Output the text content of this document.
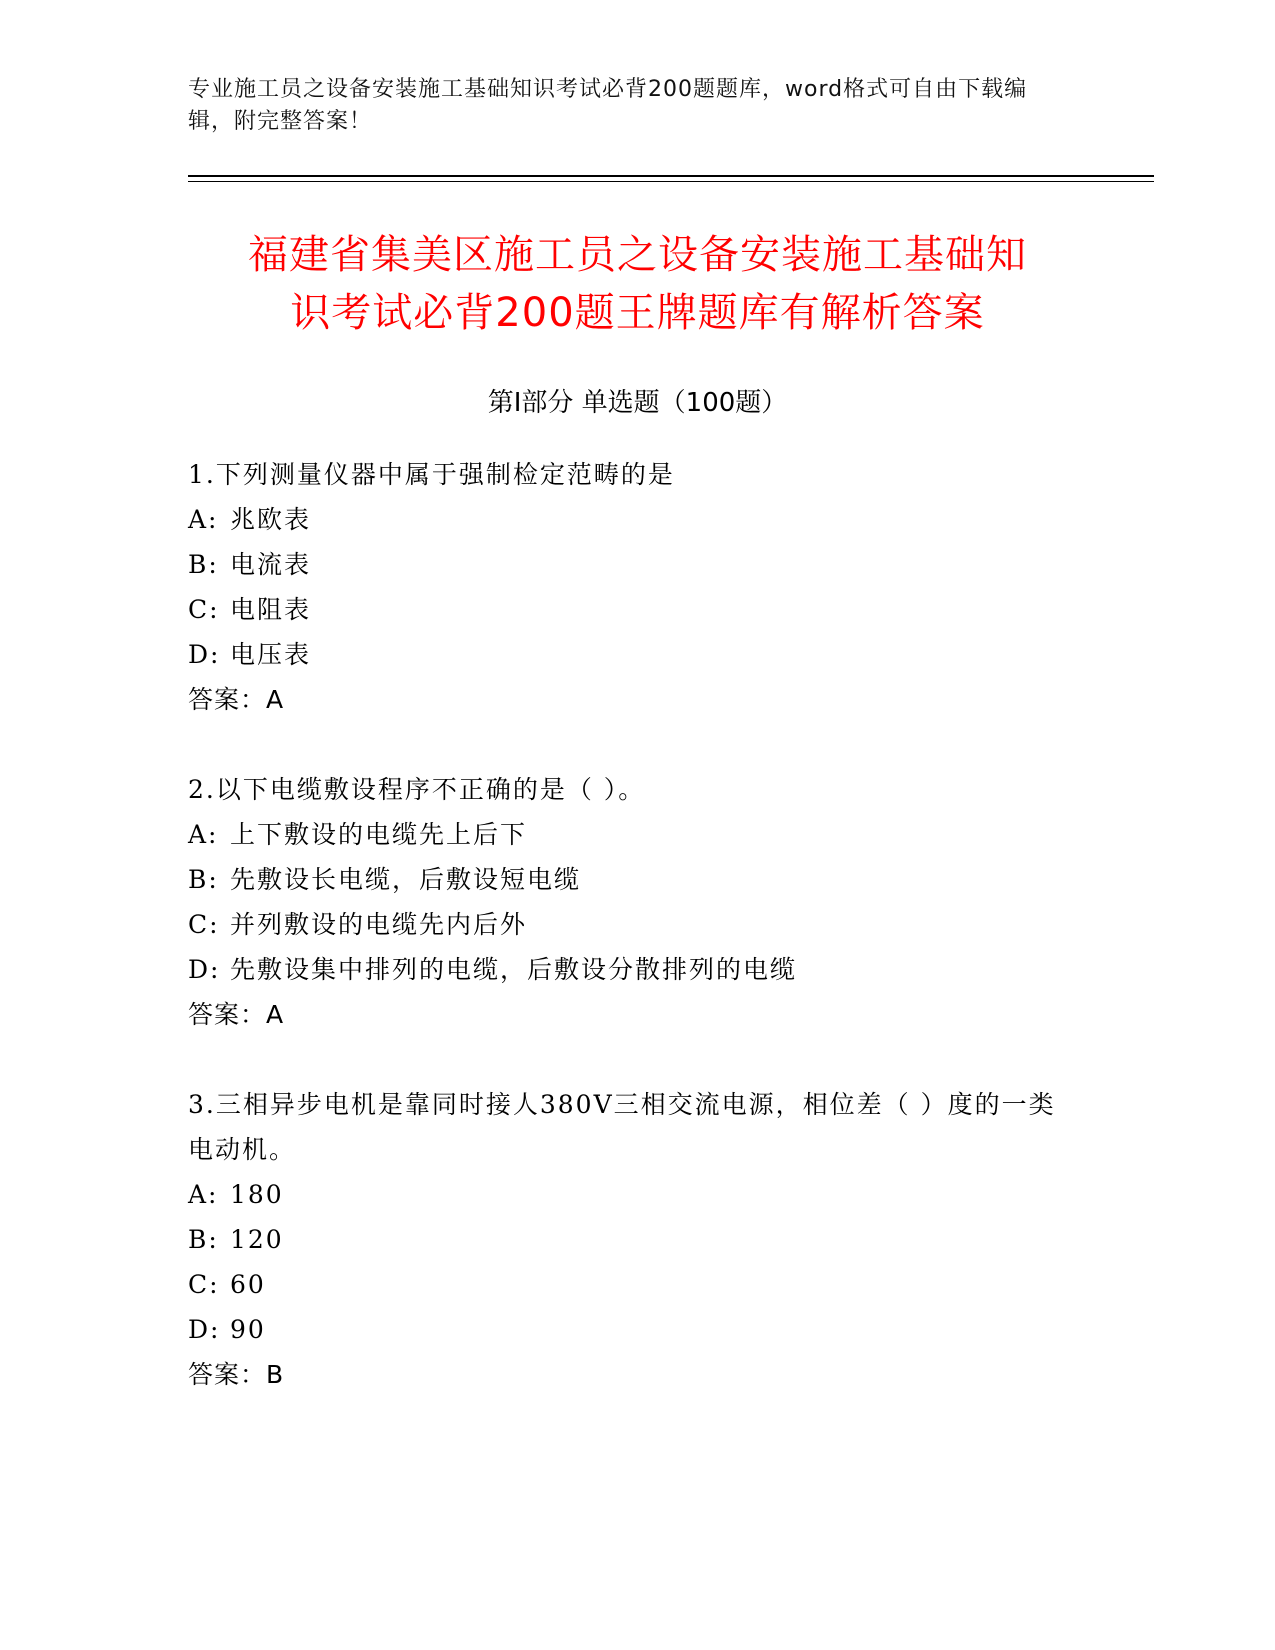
专业施工员之设备安装施工基础知识考试必背200题题库，word格式可自由下载编辑，附完整答案！
福建省集美区施工员之设备安装施工基础知
识考试必背200题王牌题库有解析答案
第Ⅰ部分 单选题（100题）
1.下列测量仪器中属于强制检定范畴的是
A: 兆欧表
B: 电流表
C: 电阻表
D: 电压表
答案：A
2.以下电缆敷设程序不正确的是（ ）。
A: 上下敷设的电缆先上后下
B: 先敷设长电缆，后敷设短电缆
C: 并列敷设的电缆先内后外
D: 先敷设集中排列的电缆，后敷设分散排列的电缆
答案：A
3.三相异步电机是靠同时接人380V三相交流电源，相位差（ ）度的一类电动机。
A: 180
B: 120
C: 60
D: 90
答案：B
